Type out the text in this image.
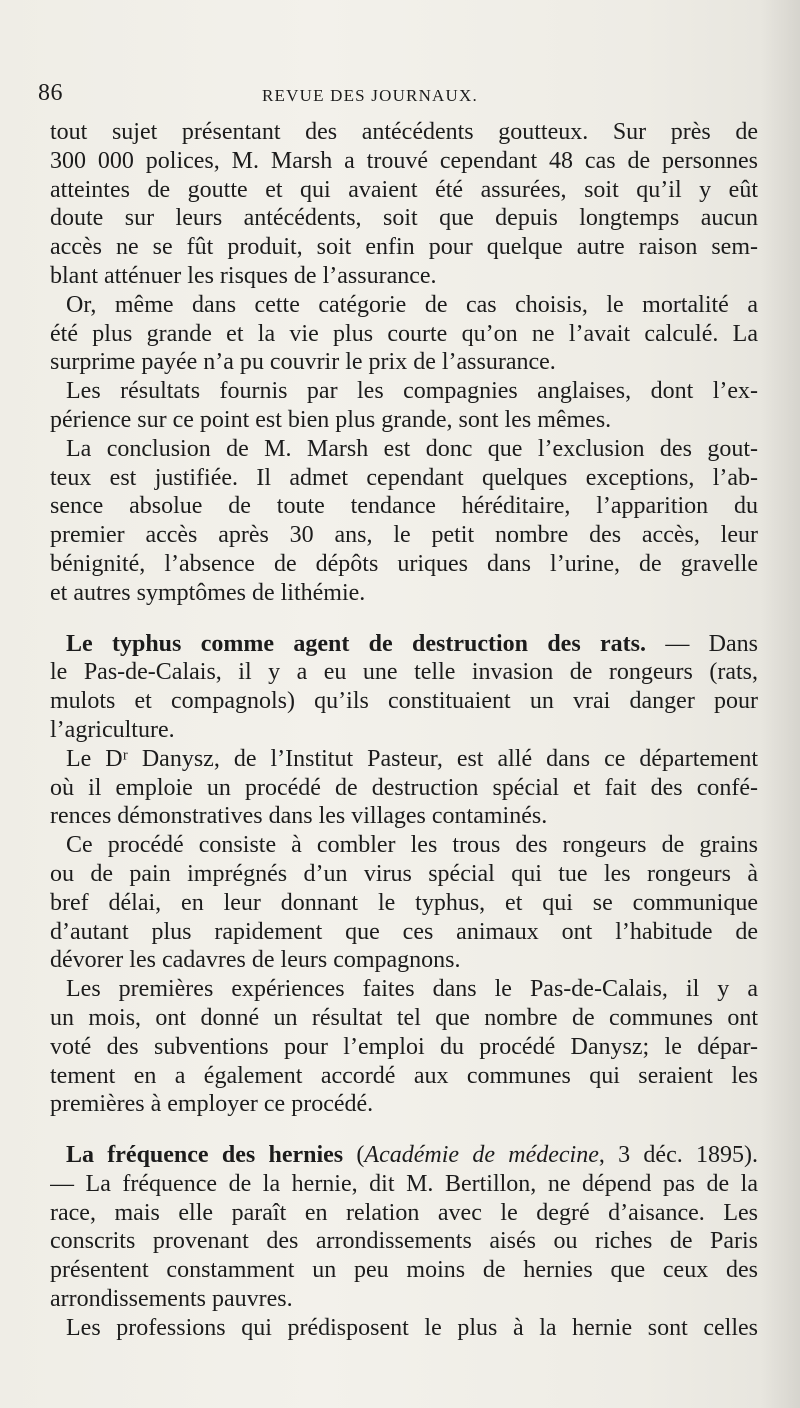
86	REVUE DES JOURNAUX.
tout sujet présentant des antécédents goutteux. Sur près de
300 000 polices, M. Marsh a trouvé cependant 48 cas de personnes
atteintes de goutte et qui avaient été assurées, soit qu’il y eût
doute sur leurs antécédents, soit que depuis longtemps aucun
accès ne se fût produit, soit enfin pour quelque autre raison sem-
blant atténuer les risques de l’assurance.
Or, même dans cette catégorie de cas choisis, le mortalité a
été plus grande et la vie plus courte qu’on ne l’avait calculé. La
surprime payée n’a pu couvrir le prix de l’assurance.
Les résultats fournis par les compagnies anglaises, dont l’ex-
périence sur ce point est bien plus grande, sont les mêmes.
La conclusion de M. Marsh est donc que l’exclusion des gout-
teux est justifiée. Il admet cependant quelques exceptions, l’ab-
sence absolue de toute tendance héréditaire, l’apparition du
premier accès après 30 ans, le petit nombre des accès, leur
bénignité, l’absence de dépôts uriques dans l’urine, de gravelle
et autres symptômes de lithémie.
Le typhus comme agent de destruction des rats. — Dans
le Pas-de-Calais, il y a eu une telle invasion de rongeurs (rats,
mulots et compagnols) qu’ils constituaient un vrai danger pour
l’agriculture.
Le Dʳ Danysz, de l’Institut Pasteur, est allé dans ce département
où il emploie un procédé de destruction spécial et fait des confé-
rences démonstratives dans les villages contaminés.
Ce procédé consiste à combler les trous des rongeurs de grains
ou de pain imprégnés d’un virus spécial qui tue les rongeurs à
bref délai, en leur donnant le typhus, et qui se communique
d’autant plus rapidement que ces animaux ont l’habitude de
dévorer les cadavres de leurs compagnons.
Les premières expériences faites dans le Pas-de-Calais, il y a
un mois, ont donné un résultat tel que nombre de communes ont
voté des subventions pour l’emploi du procédé Danysz; le dépar-
tement en a également accordé aux communes qui seraient les
premières à employer ce procédé.
La fréquence des hernies (Académie de médecine, 3 déc. 1895).
— La fréquence de la hernie, dit M. Bertillon, ne dépend pas de la
race, mais elle paraît en relation avec le degré d’aisance. Les
conscrits provenant des arrondissements aisés ou riches de Paris
présentent constamment un peu moins de hernies que ceux des
arrondissements pauvres.
Les professions qui prédisposent le plus à la hernie sont celles
